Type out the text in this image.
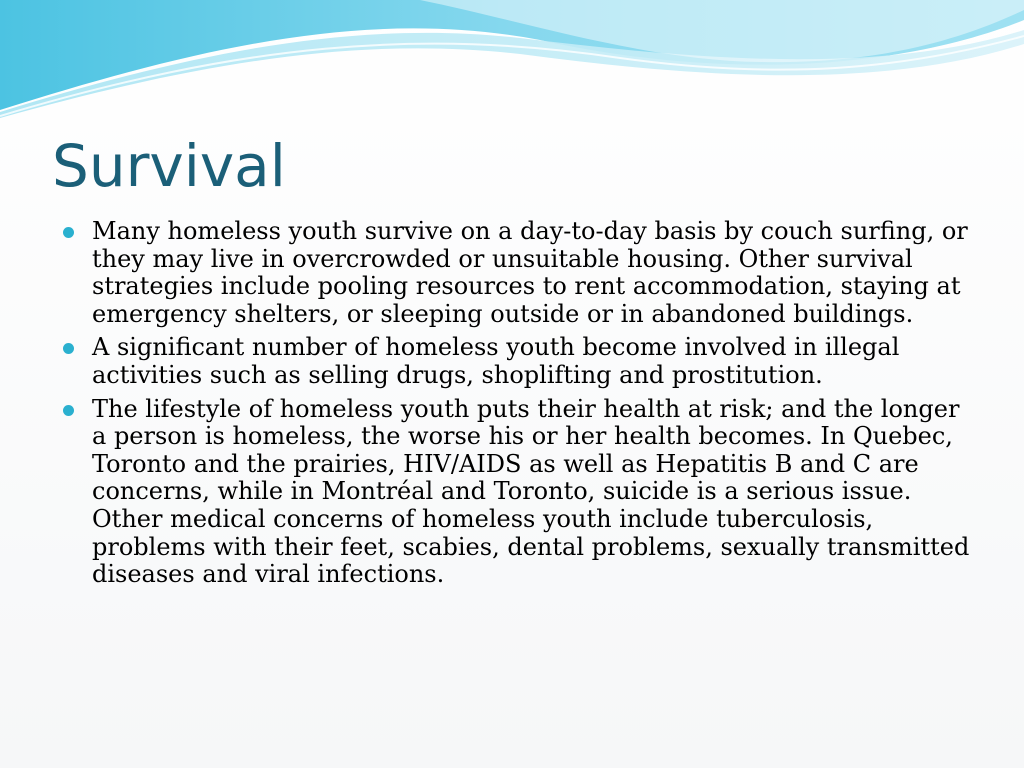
Survival
Many homeless youth survive on a day-to-day basis by couch surfing, or they may live in overcrowded or unsuitable housing. Other survival strategies include pooling resources to rent accommodation, staying at emergency shelters, or sleeping outside or in abandoned buildings.
A significant number of homeless youth become involved in illegal activities such as selling drugs, shoplifting and prostitution.
The lifestyle of homeless youth puts their health at risk; and the longer a person is homeless, the worse his or her health becomes. In Quebec, Toronto and the prairies, HIV/AIDS as well as Hepatitis B and C are concerns, while in Montréal and Toronto, suicide is a serious issue. Other medical concerns of homeless youth include tuberculosis, problems with their feet, scabies, dental problems, sexually transmitted diseases and viral infections.
